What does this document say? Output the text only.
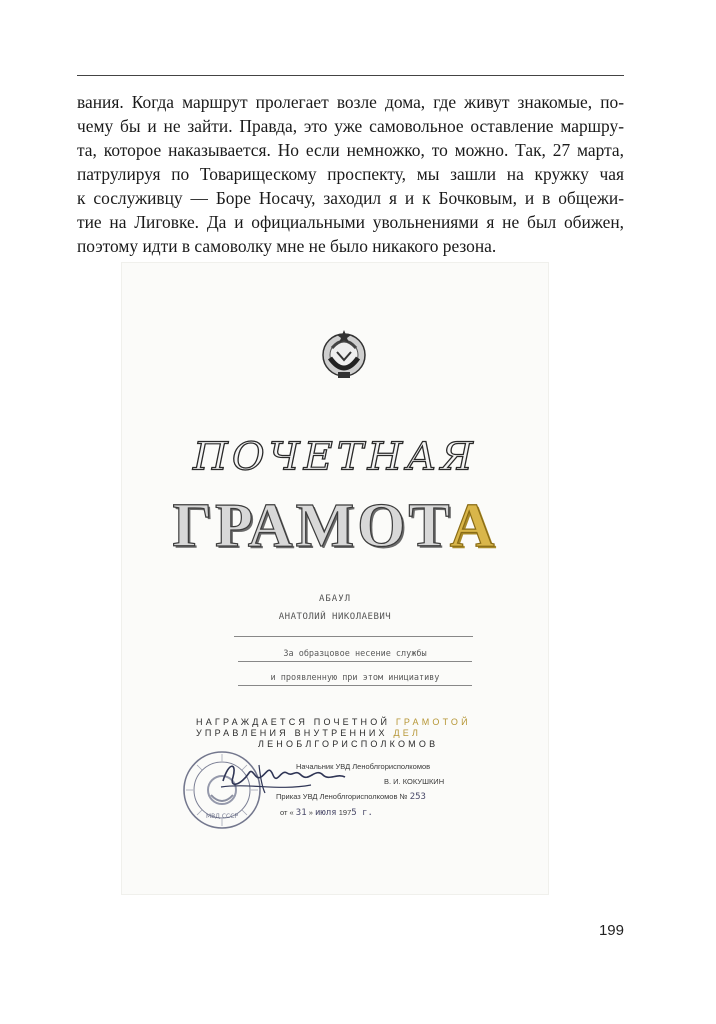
вания. Когда маршрут пролегает возле дома, где живут знакомые, по-
чему бы и не зайти. Правда, это уже самовольное оставление маршру-
та, которое наказывается. Но если немножко, то можно. Так, 27 марта,
патрулируя по Товарищескому проспекту, мы зашли на кружку чая
к сослуживцу — Боре Носачу, заходил я и к Бочковым, и в общежи-
тие на Лиговке. Да и официальными увольнениями я не был обижен,
поэтому идти в самоволку мне не было никакого резона.
ПОЧЕТНАЯ
ГРАМОТА
АБАУЛ
АНАТОЛИЙ НИКОЛАЕВИЧ
За образцовое несение службы
и проявленную при этом инициативу
НАГРАЖДАЕТСЯ ПОЧЕТНОЙ ГРАМОТОЙ
УПРАВЛЕНИЯ ВНУТРЕННИХ ДЕЛ
ЛЕНОБЛГОРИСПОЛКОМОВ
Начальник УВД Леноблгорисполкомов
В. И. КОКУШКИН
Приказ УВД Леноблгорисполкомов № 253
от « 31 » июля 1975 г.
МВД СССР
199
